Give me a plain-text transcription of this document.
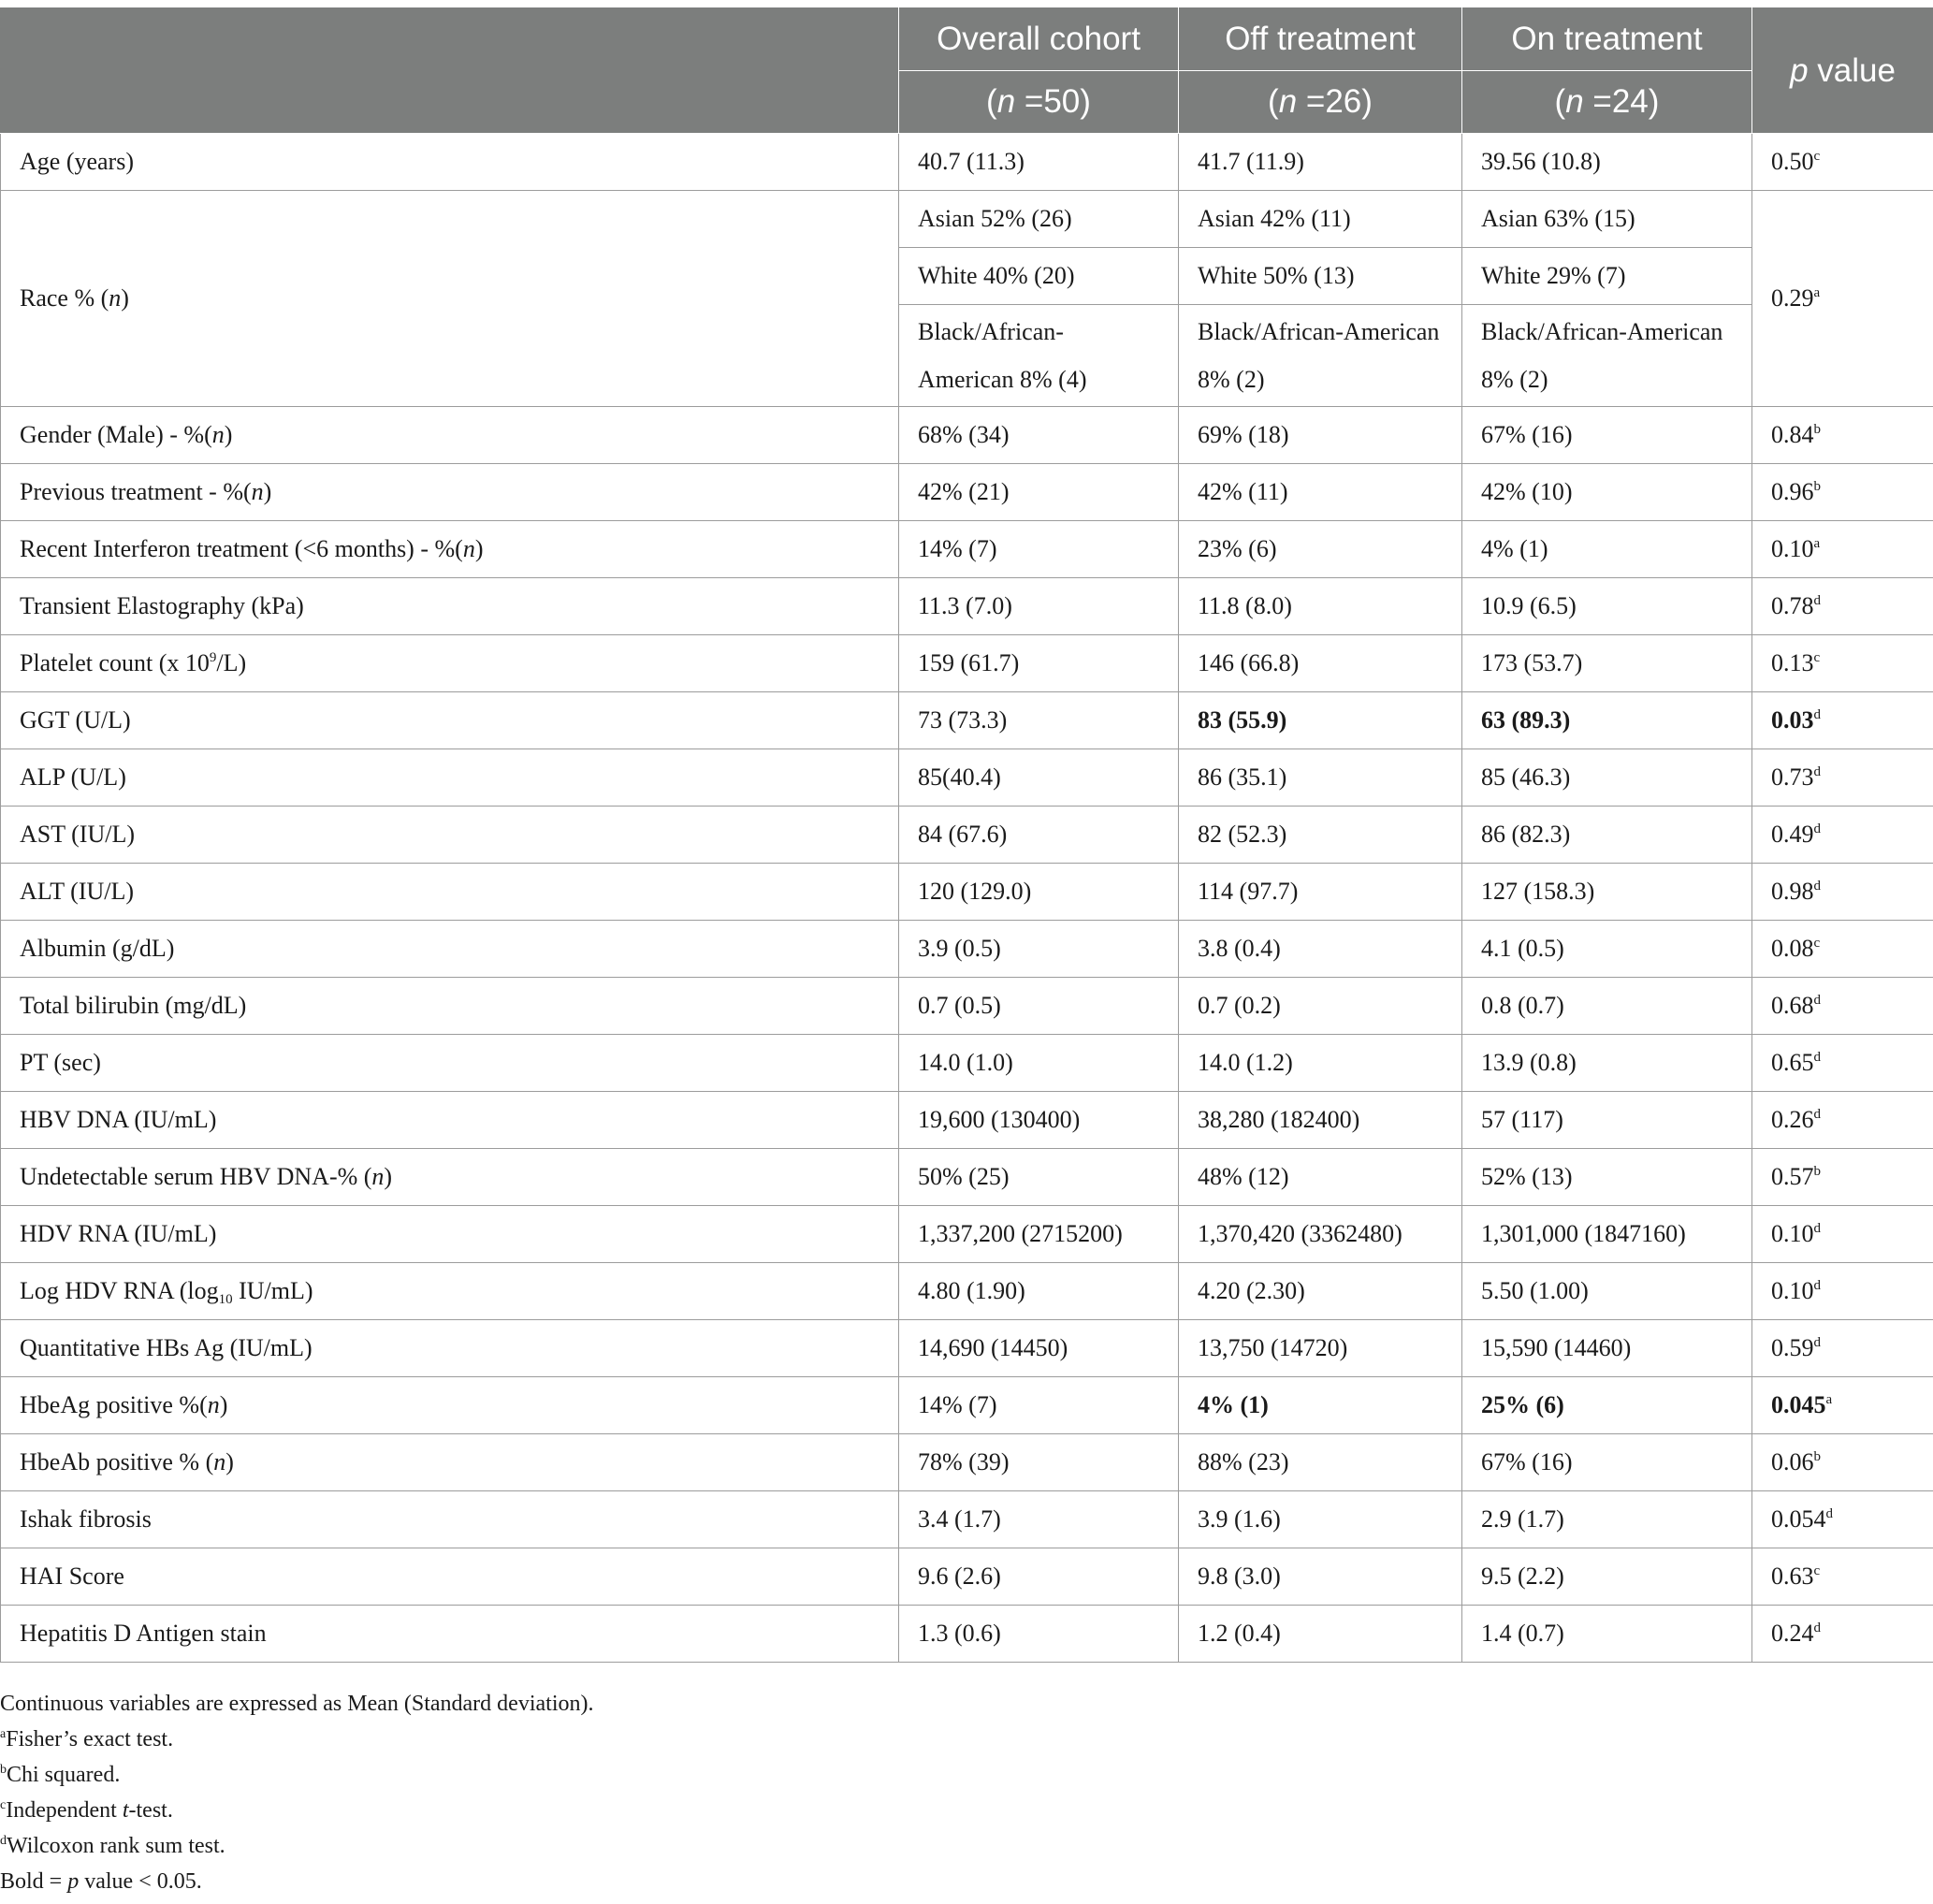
	Overall cohort	Off treatment	On treatment	p value
	(n =50)	(n =26)	(n =24)	
Age (years)	40.7 (11.3)	41.7 (11.9)	39.56 (10.8)	0.50$^c$
Race % (n)	Asian 52% (26)	Asian 42% (11)	Asian 63% (15)	0.29$^a$
	White 40% (20)	White 50% (13)	White 29% (7)	
	Black/African-American 8% (4)	Black/African-American 8% (2)	Black/African-American 8% (2)	
Gender (Male) - %(n)	68% (34)	69% (18)	67% (16)	0.84$^b$
Previous treatment - %(n)	42% (21)	42% (11)	42% (10)	0.96$^b$
Recent Interferon treatment (<6 months) - %(n)	14% (7)	23% (6)	4% (1)	0.10$^a$
Transient Elastography (kPa)	11.3 (7.0)	11.8 (8.0)	10.9 (6.5)	0.78$^d$
Platelet count (x $10^9/L$)	159 (61.7)	146 (66.8)	173 (53.7)	0.13$^c$
GGT (U/L)	73 (73.3)	83 (55.9)	63 (89.3)	0.03$^d$
ALP (U/L)	85(40.4)	86 (35.1)	85 (46.3)	0.73$^d$
AST (IU/L)	84 (67.6)	82 (52.3)	86 (82.3)	0.49$^d$
ALT (IU/L)	120 (129.0)	114 (97.7)	127 (158.3)	0.98$^d$
Albumin (g/dL)	3.9 (0.5)	3.8 (0.4)	4.1 (0.5)	0.08$^c$
Total bilirubin (mg/dL)	0.7 (0.5)	0.7 (0.2)	0.8 (0.7)	0.68$^d$
PT (sec)	14.0 (1.0)	14.0 (1.2)	13.9 (0.8)	0.65$^d$
HBV DNA (IU/mL)	19,600 (130400)	38,280 (182400)	57 (117)	0.26$^d$
Undetectable serum HBV DNA-% (n)	50% (25)	48% (12)	52% (13)	0.57$^b$
HDV RNA (IU/mL)	1,337,200 (2715200)	1,370,420 (3362480)	1,301,000 (1847160)	0.10$^d$
Log HDV RNA ($\log_{10}$ IU/mL)	4.80 (1.90)	4.20 (2.30)	5.50 (1.00)	0.10$^d$
Quantitative HBs Ag (IU/mL)	14,690 (14450)	13,750 (14720)	15,590 (14460)	0.59$^d$
HbeAg positive %(n)	14% (7)	4% (1)	25% (6)	0.045$^a$
HbeAb positive % (n)	78% (39)	88% (23)	67% (16)	0.06$^b$
Ishak fibrosis	3.4 (1.7)	3.9 (1.6)	2.9 (1.7)	0.054$^d$
HAI Score	9.6 (2.6)	9.8 (3.0)	9.5 (2.2)	0.63$^c$
Hepatitis D Antigen stain	1.3 (0.6)	1.2 (0.4)	1.4 (0.7)	0.24$^d$
Continuous variables are expressed as Mean (Standard deviation).
$^a$Fisher’s exact test.
$^b$Chi squared.
$^c$Independent t-test.
$^d$Wilcoxon rank sum test.
Bold = p value < 0.05.
